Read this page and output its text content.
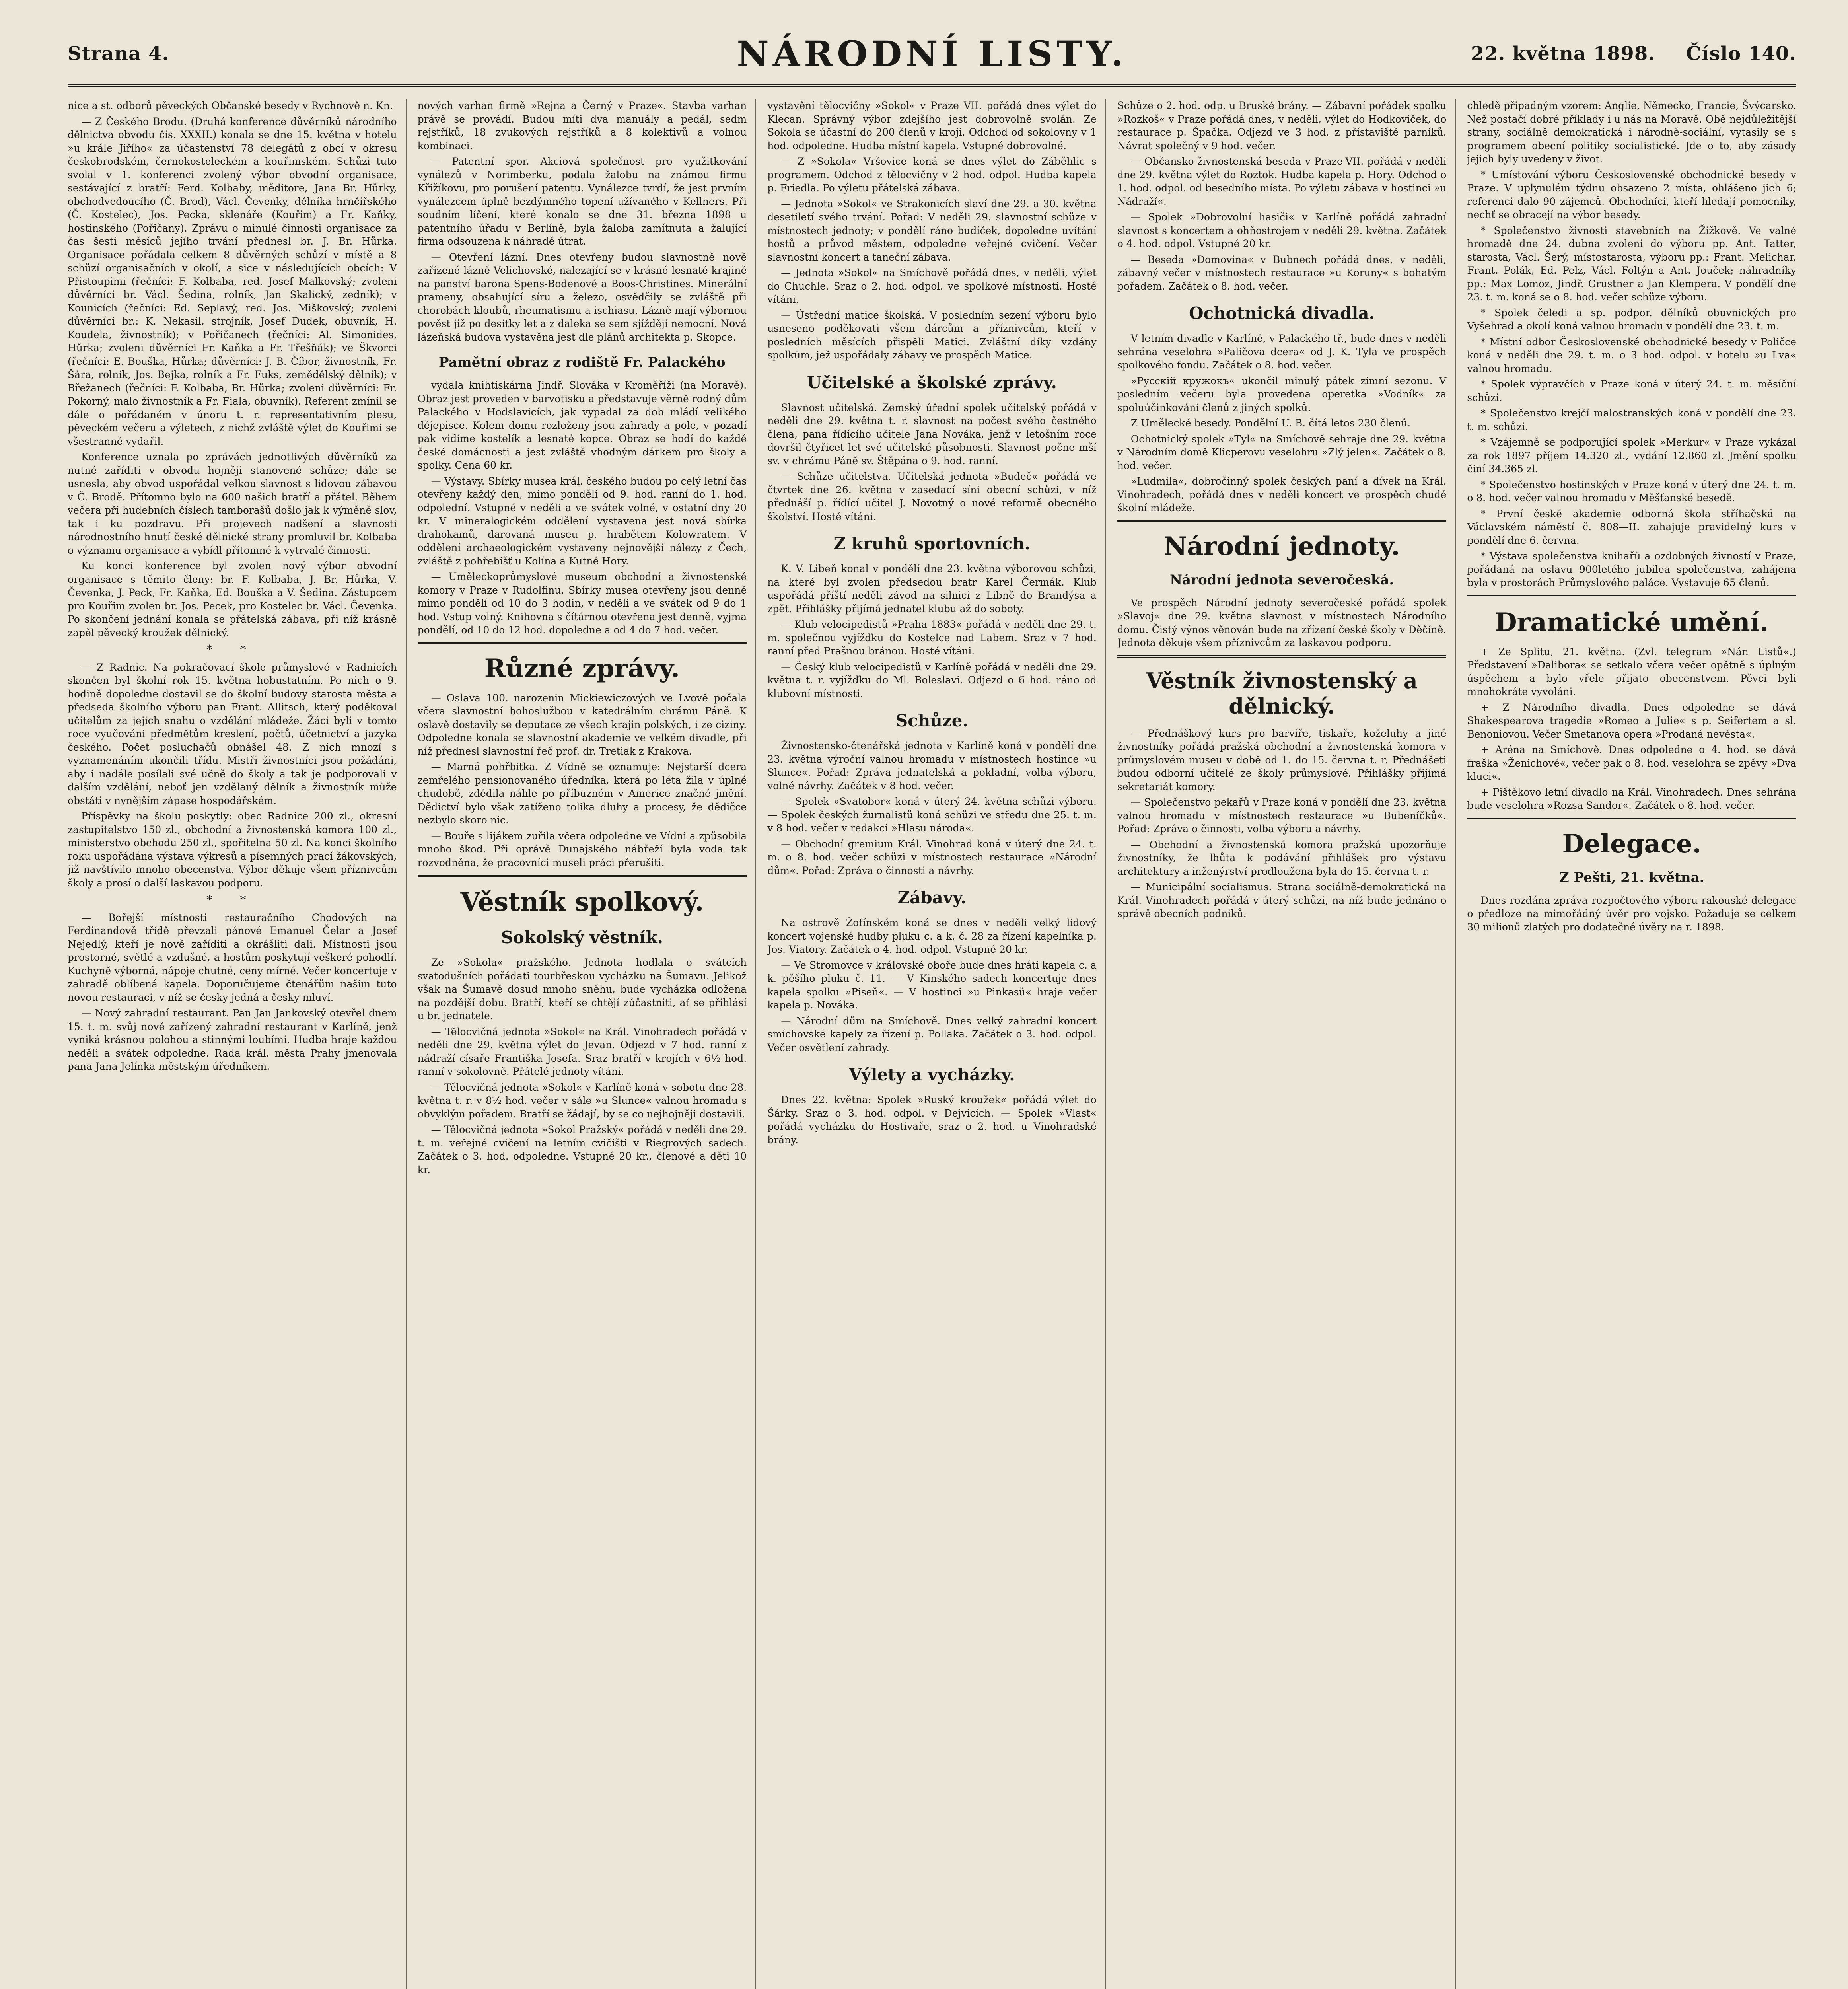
Strana 4.	NÁRODNÍ LISTY.	22. května 1898. Číslo 140.

nice a st. odborů pěveckých Občanské besedy v Rychnově n. Kn.

— Z Českého Brodu. (Druhá konference důvěrníků národního dělnictva obvodu čís. XXXII.) konala se dne 15. května v hotelu »u krále Jiřího« za účastenství 78 delegátů z obcí v okresu českobrodském, černokosteleckém a kouřimském. Schůzi tuto svolal v 1. konferenci zvolený výbor obvodní organisace, sestávající z bratří: Ferd. Kolbaby, měditore, Jana Br. Hůrky, obchodvedoucího (Č. Brod), Václ. Čevenky, dělníka hrnčířského (Č. Kostelec), Jos. Pecka, sklenáře (Kouřim) a Fr. Kaňky, hostinského (Pořičany). Zprávu o minulé činnosti organisace za čas šesti měsíců jejího trvání přednesl br. J. Br. Hůrka. Organisace pořádala celkem 8 důvěrných schůzí v místě a 8 schůzí organisačních v okolí, a sice v následujících obcích: V Přistoupimi (řečníci: F. Kolbaba, red. Josef Malkovský; zvoleni důvěrníci br. Václ. Šedina, rolník, Jan Skalický, zedník); v Kounicích (řečníci: Ed. Seplavý, red. Jos. Miškovský; zvoleni důvěrníci br.: K. Nekasil, strojník, Josef Dudek, obuvník, H. Koudela, živnostník); v Pořičanech (řečníci: Al. Simonides, Hůrka; zvoleni důvěrníci Fr. Kaňka a Fr. Třešňák); ve Škvorci (řečníci: E. Bouška, Hůrka; důvěrníci: J. B. Číbor, živnostník, Fr. Šára, rolník, Jos. Bejka, rolník a Fr. Fuks, zemědělský dělník); v Břežanech (řečníci: F. Kolbaba, Br. Hůrka; zvoleni důvěrníci: Fr. Pokorný, malo živnostník a Fr. Fiala, obuvník). Referent zmínil se dále o pořádaném v únoru t. r. representativním plesu, pěveckém večeru a výletech, z nichž zvláště výlet do Kouřimi se všestranně vydařil.

Konference uznala po zprávách jednotlivých důvěrníků za nutné zaříditi v obvodu hojněji stanovené schůze; dále se usnesla, aby obvod uspořádal velkou slavnost s lidovou zábavou v Č. Brodě. Přítomno bylo na 600 našich bratří a přátel. Během večera při hudebních číslech tamborašů došlo jak k výměně slov, tak i ku pozdravu. Při projevech nadšení a slavnosti národnostního hnutí české dělnické strany promluvil br. Kolbaba o významu organisace a vybídl přítomné k vytrvalé činnosti.

Ku konci konference byl zvolen nový výbor obvodní organisace s těmito členy: br. F. Kolbaba, J. Br. Hůrka, V. Čevenka, J. Peck, Fr. Kaňka, Ed. Bouška a V. Šedina. Zástupcem pro Kouřim zvolen br. Jos. Pecek, pro Kostelec br. Václ. Čevenka. Po skončení jednání konala se přátelská zábava, při níž krásně zapěl pěvecký kroužek dělnický.

* *

— Z Radnic. Na pokračovací škole průmyslové v Radnicích skončen byl školní rok 15. května hobustatním. Po nich o 9. hodině dopoledne dostavil se do školní budovy starosta města a předseda školního výboru pan Frant. Allitsch, který poděkoval učitelům za jejich snahu o vzdělání mládeže. Žáci byli v tomto roce vyučováni předmětům kreslení, počtů, účetnictví a jazyka českého. Počet posluchačů obnášel 48. Z nich mnozí s vyznamenáním ukončili třídu. Mistři živnostníci jsou požádáni, aby i nadále posílali své učně do školy a tak je podporovali v dalším vzdělání, neboť jen vzdělaný dělník a živnostník může obstáti v nynějším zápase hospodářském.

Příspěvky na školu poskytly: obec Radnice 200 zl., okresní zastupitelstvo 150 zl., obchodní a živnostenská komora 100 zl., ministerstvo obchodu 250 zl., spořitelna 50 zl. Na konci školního roku uspořádána výstava výkresů a písemných prací žákovských, již navštívilo mnoho obecenstva. Výbor děkuje všem příznivcům školy a prosí o další laskavou podporu.

* *

— Bořejší místnosti restauračního Chodových na Ferdinandově třídě převzali pánové Emanuel Čelar a Josef Nejedlý, kteří je nově zaříditi a okrášliti dali. Místnosti jsou prostorné, světlé a vzdušné, a hostům poskytují veškeré pohodlí. Kuchyně výborná, nápoje chutné, ceny mírné. Večer koncertuje v zahradě oblíbená kapela. Doporučujeme čtenářům našim tuto novou restauraci, v níž se česky jedná a česky mluví.

— Nový zahradní restaurant. Pan Jan Jankovský otevřel dnem 15. t. m. svůj nově zařízený zahradní restaurant v Karlíně, jenž vyniká krásnou polohou a stinnými loubími. Hudba hraje každou neděli a svátek odpoledne. Rada král. města Prahy jmenovala pana Jana Jelínka městským úředníkem.

nových varhan firmě »Rejna a Černý v Praze«. Stavba varhan právě se provádí. Budou míti dva manuály a pedál, sedm rejstříků, 18 zvukových rejstříků a 8 kolektivů a volnou kombinaci.

— Patentní spor. Akciová společnost pro využitkování vynálezů v Norimberku, podala žalobu na známou firmu Křižíkovu, pro porušení patentu. Vynálezce tvrdí, že jest prvním vynálezcem úplně bezdýmného topení užívaného v Kellners. Při soudním líčení, které konalo se dne 31. března 1898 u patentního úřadu v Berlíně, byla žaloba zamítnuta a žalující firma odsouzena k náhradě útrat.

— Otevření lázní. Dnes otevřeny budou slavnostně nově zařízené lázně Velichovské, nalezající se v krásné lesnaté krajině na panství barona Spens-Bodenové a Boos-Christines. Minerální prameny, obsahující síru a železo, osvědčily se zvláště při chorobách kloubů, rheumatismu a ischiasu. Lázně mají výbornou pověst již po desítky let a z daleka se sem sjíždějí nemocní. Nová lázeňská budova vystavěna jest dle plánů architekta p. Skopce.

Pamětní obraz z rodiště Fr. Palackého

vydala knihtiskárna Jindř. Slováka v Kroměříži (na Moravě). Obraz jest proveden v barvotisku a představuje věrně rodný dům Palackého v Hodslavicích, jak vypadal za dob mládí velikého dějepisce. Kolem domu rozloženy jsou zahrady a pole, v pozadí pak vidíme kostelík a lesnaté kopce. Obraz se hodí do každé české domácnosti a jest zvláště vhodným dárkem pro školy a spolky. Cena 60 kr.

— Výstavy. Sbírky musea král. českého budou po celý letní čas otevřeny každý den, mimo pondělí od 9. hod. ranní do 1. hod. odpolední. Vstupné v neděli a ve svátek volné, v ostatní dny 20 kr. V mineralogickém oddělení vystavena jest nová sbírka drahokamů, darovaná museu p. hrabětem Kolowratem. V oddělení archaeologickém vystaveny nejnovější nálezy z Čech, zvláště z pohřebišť u Kolína a Kutné Hory.

— Uměleckoprůmyslové museum obchodní a živnostenské komory v Praze v Rudolfinu. Sbírky musea otevřeny jsou denně mimo pondělí od 10 do 3 hodin, v neděli a ve svátek od 9 do 1 hod. Vstup volný. Knihovna s čítárnou otevřena jest denně, vyjma pondělí, od 10 do 12 hod. dopoledne a od 4 do 7 hod. večer.

Různé zprávy.

— Oslava 100. narozenin Mickiewiczových ve Lvově počala včera slavnostní bohoslužbou v katedrálním chrámu Páně. K oslavě dostavily se deputace ze všech krajin polských, i ze ciziny. Odpoledne konala se slavnostní akademie ve velkém divadle, při níž přednesl slavnostní řeč prof. dr. Tretiak z Krakova.

— Marná pohřbitka. Z Vídně se oznamuje: Nejstarší dcera zemřelého pensionovaného úředníka, která po léta žila v úplné chudobě, zdědila náhle po příbuzném v Americe značné jmění. Dědictví bylo však zatíženo tolika dluhy a procesy, že dědičce nezbylo skoro nic.

— Bouře s lijákem zuřila včera odpoledne ve Vídni a způsobila mnoho škod. Při oprávě Dunajského nábřeží byla voda tak rozvodněna, že pracovníci museli práci přerušiti.

Věstník spolkový.
Sokolský věstník.

Ze »Sokola« pražského. Jednota hodlala o svátcích svatodušních pořádati tourbřeskou vycházku na Šumavu. Jelikož však na Šumavě dosud mnoho sněhu, bude vycházka odložena na pozdější dobu. Bratří, kteří se chtějí zúčastniti, ať se přihlásí u br. jednatele.

— Tělocvičná jednota »Sokol« na Král. Vinohradech pořádá v neděli dne 29. května výlet do Jevan. Odjezd v 7 hod. ranní z nádraží císaře Františka Josefa. Sraz bratří v krojích v 6½ hod. ranní v sokolovně. Přátelé jednoty vítáni.

— Tělocvičná jednota »Sokol« v Karlíně koná v sobotu dne 28. května t. r. v 8½ hod. večer v sále »u Slunce« valnou hromadu s obvyklým pořadem. Bratří se žádají, by se co nejhojněji dostavili.

— Tělocvičná jednota »Sokol Pražský« pořádá v neděli dne 29. t. m. veřejné cvičení na letním cvičišti v Riegrových sadech. Začátek o 3. hod. odpoledne. Vstupné 20 kr., členové a děti 10 kr.

vystavění tělocvičny »Sokol« v Praze VII. pořádá dnes výlet do Klecan. Správný výbor zdejšího jest dobrovolně svolán. Ze Sokola se účastní do 200 členů v kroji. Odchod od sokolovny v 1 hod. odpoledne. Hudba místní kapela. Vstupné dobrovolné.

— Z »Sokola« Vršovice koná se dnes výlet do Záběhlic s programem. Odchod z tělocvičny v 2 hod. odpol. Hudba kapela p. Friedla. Po výletu přátelská zábava.

— Jednota »Sokol« ve Strakonicích slaví dne 29. a 30. května desetiletí svého trvání. Pořad: V neděli 29. slavnostní schůze v místnostech jednoty; v pondělí ráno budíček, dopoledne uvítání hostů a průvod městem, odpoledne veřejné cvičení. Večer slavnostní koncert a taneční zábava.

— Jednota »Sokol« na Smíchově pořádá dnes, v neděli, výlet do Chuchle. Sraz o 2. hod. odpol. ve spolkové místnosti. Hosté vítáni.

— Ústřední matice školská. V posledním sezení výboru bylo usneseno poděkovati všem dárcům a příznivcům, kteří v posledních měsících přispěli Matici. Zvláštní díky vzdány spolkům, jež uspořádaly zábavy ve prospěch Matice.

Učitelské a školské zprávy.

Slavnost učitelská. Zemský úřední spolek učitelský pořádá v neděli dne 29. května t. r. slavnost na počest svého čestného člena, pana řídícího učitele Jana Nováka, jenž v letošním roce dovršil čtyřicet let své učitelské působnosti. Slavnost počne mší sv. v chrámu Páně sv. Štěpána o 9. hod. ranní.

— Schůze učitelstva. Učitelská jednota »Budeč« pořádá ve čtvrtek dne 26. května v zasedací síni obecní schůzi, v níž přednáší p. řídící učitel J. Novotný o nové reformě obecného školství. Hosté vítáni.

Z kruhů sportovních.

K. V. Libeň konal v pondělí dne 23. května výborovou schůzi, na které byl zvolen předsedou bratr Karel Čermák. Klub uspořádá příští neděli závod na silnici z Libně do Brandýsa a zpět. Přihlášky přijímá jednatel klubu až do soboty.

— Klub velocipedistů »Praha 1883« pořádá v neděli dne 29. t. m. společnou vyjížďku do Kostelce nad Labem. Sraz v 7 hod. ranní před Prašnou bránou. Hosté vítáni.

— Český klub velocipedistů v Karlíně pořádá v neděli dne 29. května t. r. vyjížďku do Ml. Boleslavi. Odjezd o 6 hod. ráno od klubovní místnosti.

Schůze.

Živnostensko-čtenářská jednota v Karlíně koná v pondělí dne 23. května výroční valnou hromadu v místnostech hostince »u Slunce«. Pořad: Zpráva jednatelská a pokladní, volba výboru, volné návrhy. Začátek v 8 hod. večer.

— Spolek »Svatobor« koná v úterý 24. května schůzi výboru. — Spolek českých žurnalistů koná schůzi ve středu dne 25. t. m. v 8 hod. večer v redakci »Hlasu národa«.

— Obchodní gremium Král. Vinohrad koná v úterý dne 24. t. m. o 8. hod. večer schůzi v místnostech restaurace »Národní dům«. Pořad: Zpráva o činnosti a návrhy.

Zábavy.

Na ostrově Žofínském koná se dnes v neděli velký lidový koncert vojenské hudby pluku c. a k. č. 28 za řízení kapelníka p. Jos. Viatory. Začátek o 4. hod. odpol. Vstupné 20 kr.

— Ve Stromovce v královské oboře bude dnes hráti kapela c. a k. pěšího pluku č. 11. — V Kinského sadech koncertuje dnes kapela spolku »Piseň«. — V hostinci »u Pinkasů« hraje večer kapela p. Nováka.

— Národní dům na Smíchově. Dnes velký zahradní koncert smíchovské kapely za řízení p. Pollaka. Začátek o 3. hod. odpol. Večer osvětlení zahrady.

Výlety a vycházky.

Dnes 22. května: Spolek »Ruský kroužek« pořádá výlet do Šárky. Sraz o 3. hod. odpol. v Dejvicích. — Spolek »Vlast« pořádá vycházku do Hostivaře, sraz o 2. hod. u Vinohradské brány.

Schůze o 2. hod. odp. u Bruské brány. — Zábavní pořádek spolku »Rozkoš« v Praze pořádá dnes, v neděli, výlet do Hodkoviček, do restaurace p. Špačka. Odjezd ve 3 hod. z přístaviště parníků. Návrat společný v 9 hod. večer.

— Občansko-živnostenská beseda v Praze-VII. pořádá v neděli dne 29. května výlet do Roztok. Hudba kapela p. Hory. Odchod o 1. hod. odpol. od besedního místa. Po výletu zábava v hostinci »u Nádraží«.

— Spolek »Dobrovolní hasiči« v Karlíně pořádá zahradní slavnost s koncertem a ohňostrojem v neděli 29. května. Začátek o 4. hod. odpol. Vstupné 20 kr.

— Beseda »Domovina« v Bubnech pořádá dnes, v neděli, zábavný večer v místnostech restaurace »u Koruny« s bohatým pořadem. Začátek o 8. hod. večer.

Ochotnická divadla.

V letním divadle v Karlíně, v Palackého tř., bude dnes v neděli sehrána veselohra »Paličova dcera« od J. K. Tyla ve prospěch spolkového fondu. Začátek o 8. hod. večer.

»Pyccкiй кружокъ« ukončil minulý pátek zimní sezonu. V posledním večeru byla provedena operetka »Vodník« za spoluúčinkování členů z jiných spolků.

Z Umělecké besedy. Pondělní U. B. čítá letos 230 členů.

Ochotnický spolek »Tyl« na Smíchově sehraje dne 29. května v Národním domě Klicperovu veselohru »Zlý jelen«. Začátek o 8. hod. večer.

»Ludmila«, dobročinný spolek českých paní a dívek na Král. Vinohradech, pořádá dnes v neděli koncert ve prospěch chudé školní mládeže.

Národní jednoty.
Národní jednota severočeská.

Ve prospěch Národní jednoty severočeské pořádá spolek »Slavoj« dne 29. května slavnost v místnostech Národního domu. Čistý výnos věnován bude na zřízení české školy v Děčíně. Jednota děkuje všem příznivcům za laskavou podporu.

Věstník živnostenský a dělnický.

— Přednáškový kurs pro barvíře, tiskaře, koželuhy a jiné živnostníky pořádá pražská obchodní a živnostenská komora v průmyslovém museu v době od 1. do 15. června t. r. Přednášeti budou odborní učitelé ze školy průmyslové. Přihlášky přijímá sekretariát komory.

— Společenstvo pekařů v Praze koná v pondělí dne 23. května valnou hromadu v místnostech restaurace »u Bubeníčků«. Pořad: Zpráva o činnosti, volba výboru a návrhy.

— Obchodní a živnostenská komora pražská upozorňuje živnostníky, že lhůta k podávání přihlášek pro výstavu architektury a inženýrství prodloužena byla do 15. června t. r.

— Municipální socialismus. Strana sociálně-demokratická na Král. Vinohradech pořádá v úterý schůzi, na níž bude jednáno o správě obecních podniků.

chledě připadným vzorem: Anglie, Německo, Francie, Švýcarsko. Než postačí dobré příklady i u nás na Moravě. Obě nejdůležitější strany, sociálně demokratická i národně-sociální, vytasily se s programem obecní politiky socialistické. Jde o to, aby zásady jejich byly uvedeny v život.

* Umístování výboru Československé obchodnické besedy v Praze. V uplynulém týdnu obsazeno 2 místa, ohlášeno jich 6; referenci dalo 90 zájemců. Obchodníci, kteří hledají pomocníky, nechť se obracejí na výbor besedy.

* Společenstvo živnosti stavebních na Žižkově. Ve valné hromadě dne 24. dubna zvoleni do výboru pp. Ant. Tatter, starosta, Václ. Šerý, místostarosta, výboru pp.: Frant. Melichar, Frant. Polák, Ed. Pelz, Václ. Foltýn a Ant. Jouček; náhradníky pp.: Max Lomoz, Jindř. Grustner a Jan Klempera. V pondělí dne 23. t. m. koná se o 8. hod. večer schůze výboru.

* Spolek čeledi a sp. podpor. dělníků obuvnických pro Vyšehrad a okolí koná valnou hromadu v pondělí dne 23. t. m.

* Místní odbor Československé obchodnické besedy v Poličce koná v neděli dne 29. t. m. o 3 hod. odpol. v hotelu »u Lva« valnou hromadu.

* Spolek výpravčích v Praze koná v úterý 24. t. m. měsíční schůzi.

* Společenstvo krejčí malostranských koná v pondělí dne 23. t. m. schůzi.

* Vzájemně se podporující spolek »Merkur« v Praze vykázal za rok 1897 příjem 14.320 zl., vydání 12.860 zl. Jmění spolku činí 34.365 zl.

* Společenstvo hostinských v Praze koná v úterý dne 24. t. m. o 8. hod. večer valnou hromadu v Měšťanské besedě.

* První české akademie odborná škola stříhačská na Václavském náměstí č. 808—II. zahajuje pravidelný kurs v pondělí dne 6. června.

* Výstava společenstva knihařů a ozdobných živností v Praze, pořádaná na oslavu 900letého jubilea společenstva, zahájena byla v prostorách Průmyslového paláce. Vystavuje 65 členů.

Dramatické umění.

+ Ze Splitu, 21. května. (Zvl. telegram »Nár. Listů«.) Představení »Dalibora« se setkalo včera večer opětně s úplným úspěchem a bylo vřele přijato obecenstvem. Pěvci byli mnohokráte vyvoláni.

+ Z Národního divadla. Dnes odpoledne se dává Shakespearova tragedie »Romeo a Julie« s p. Seifertem a sl. Benoniovou. Večer Smetanova opera »Prodaná nevěsta«.

+ Aréna na Smíchově. Dnes odpoledne o 4. hod. se dává fraška »Ženichové«, večer pak o 8. hod. veselohra se zpěvy »Dva kluci«.

+ Pištěkovo letní divadlo na Král. Vinohradech. Dnes sehrána bude veselohra »Rozsa Sandor«. Začátek o 8. hod. večer.

Delegace.
Z Pešti, 21. května.

Dnes rozdána zpráva rozpočtového výboru rakouské delegace o předloze na mimořádný úvěr pro vojsko. Požaduje se celkem 30 milionů zlatých pro dodatečné úvěry na r. 1898.
